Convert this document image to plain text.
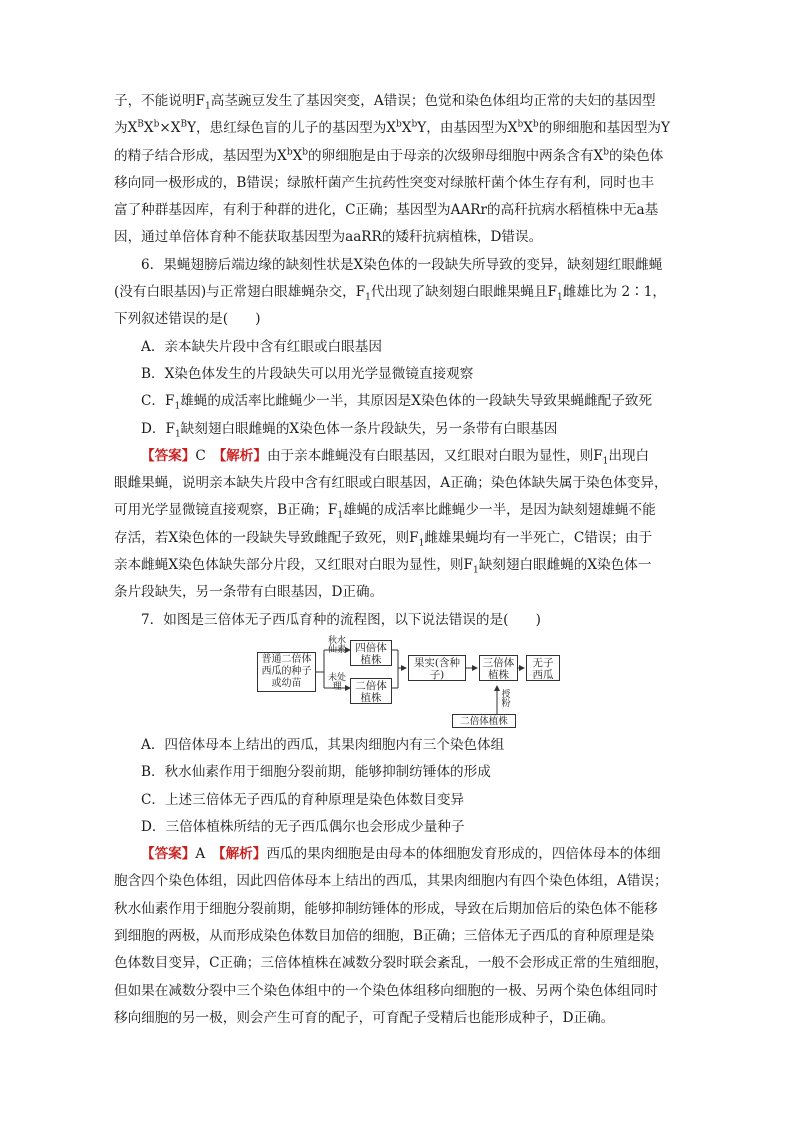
子，不能说明$F_1$高茎豌豆发生了基因突变，A错误；色觉和染色体组均正常的夫妇的基因型

为$X^BX^b\times X^BY$，患红绿色盲的儿子的基因型为$X^bX^bY$，由基因型为$X^bX^b$的卵细胞和基因型为Y

的精子结合形成，基因型为$X^bX^b$的卵细胞是由于母亲的次级卵母细胞中两条含有$X^b$的染色体

移向同一极形成的，B错误；绿脓杆菌产生抗药性突变对绿脓杆菌个体生存有利，同时也丰

富了种群基因库，有利于种群的进化，C正确；基因型为AARr的高秆抗病水稻植株中无a基

因，通过单倍体育种不能获取基因型为aaRR的矮秆抗病植株，D错误。

6．果蝇翅膀后端边缘的缺刻性状是X染色体的一段缺失所导致的变异，缺刻翅红眼雌蝇

(没有白眼基因)与正常翅白眼雄蝇杂交，$F_1$代出现了缺刻翅白眼雌果蝇且$F_1$雌雄比为 2∶1，

下列叙述错误的是(　　)

A．亲本缺失片段中含有红眼或白眼基因

B．X染色体发生的片段缺失可以用光学显微镜直接观察

C．$F_1$雄蝇的成活率比雌蝇少一半，其原因是X染色体的一段缺失导致果蝇雌配子致死

D．$F_1$缺刻翅白眼雌蝇的X染色体一条片段缺失，另一条带有白眼基因

【答案】C　【解析】由于亲本雌蝇没有白眼基因，又红眼对白眼为显性，则$F_1$出现白

眼雌果蝇，说明亲本缺失片段中含有红眼或白眼基因，A正确；染色体缺失属于染色体变异，

可用光学显微镜直接观察，B正确；$F_1$雄蝇的成活率比雌蝇少一半，是因为缺刻翅雄蝇不能

存活，若X染色体的一段缺失导致雌配子致死，则$F_1$雌雄果蝇均有一半死亡，C错误；由于

亲本雌蝇X染色体缺失部分片段，又红眼对白眼为显性，则$F_1$缺刻翅白眼雌蝇的X染色体一

条片段缺失，另一条带有白眼基因，D正确。

7．如图是三倍体无子西瓜育种的流程图，以下说法错误的是(　　)

普通二倍体西瓜的种子或幼苗
秋水仙素
未处理
四倍体植株
二倍体植株
果实(含种子)
三倍体植株
无子西瓜
授粉
二倍体植株

A．四倍体母本上结出的西瓜，其果肉细胞内有三个染色体组

B．秋水仙素作用于细胞分裂前期，能够抑制纺锤体的形成

C．上述三倍体无子西瓜的育种原理是染色体数目变异

D．三倍体植株所结的无子西瓜偶尔也会形成少量种子

【答案】A　【解析】西瓜的果肉细胞是由母本的体细胞发育形成的，四倍体母本的体细

胞含四个染色体组，因此四倍体母本上结出的西瓜，其果肉细胞内有四个染色体组，A错误；

秋水仙素作用于细胞分裂前期，能够抑制纺锤体的形成，导致在后期加倍后的染色体不能移

到细胞的两极，从而形成染色体数目加倍的细胞，B正确；三倍体无子西瓜的育种原理是染

色体数目变异，C正确；三倍体植株在减数分裂时联会紊乱，一般不会形成正常的生殖细胞，

但如果在减数分裂中三个染色体组中的一个染色体组移向细胞的一极、另两个染色体组同时

移向细胞的另一极，则会产生可育的配子，可育配子受精后也能形成种子，D正确。
